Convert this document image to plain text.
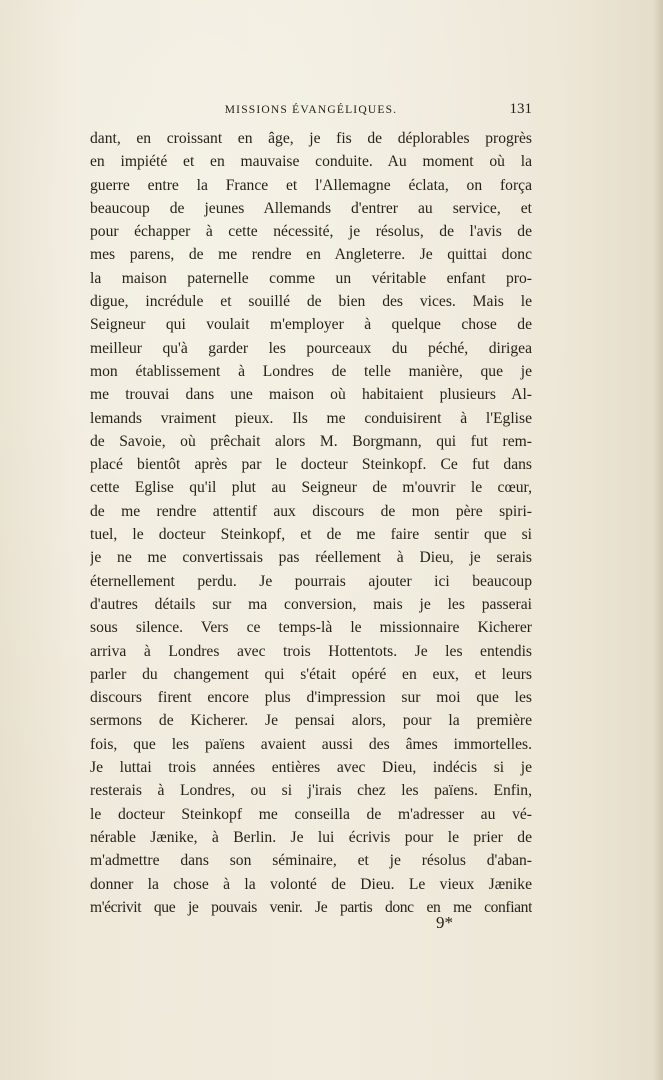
MISSIONS ÉVANGÉLIQUES.	131
dant, en croissant en âge, je fis de déplorables progrès
en impiété et en mauvaise conduite. Au moment où la
guerre entre la France et l'Allemagne éclata, on força
beaucoup de jeunes Allemands d'entrer au service, et
pour échapper à cette nécessité, je résolus, de l'avis de
mes parens, de me rendre en Angleterre. Je quittai donc
la maison paternelle comme un véritable enfant pro-
digue, incrédule et souillé de bien des vices. Mais le
Seigneur qui voulait m'employer à quelque chose de
meilleur qu'à garder les pourceaux du péché, dirigea
mon établissement à Londres de telle manière, que je
me trouvai dans une maison où habitaient plusieurs Al-
lemands vraiment pieux. Ils me conduisirent à l'Eglise
de Savoie, où prêchait alors M. Borgmann, qui fut rem-
placé bientôt après par le docteur Steinkopf. Ce fut dans
cette Eglise qu'il plut au Seigneur de m'ouvrir le cœur,
de me rendre attentif aux discours de mon père spiri-
tuel, le docteur Steinkopf, et de me faire sentir que si
je ne me convertissais pas réellement à Dieu, je serais
éternellement perdu. Je pourrais ajouter ici beaucoup
d'autres détails sur ma conversion, mais je les passerai
sous silence. Vers ce temps-là le missionnaire Kicherer
arriva à Londres avec trois Hottentots. Je les entendis
parler du changement qui s'était opéré en eux, et leurs
discours firent encore plus d'impression sur moi que les
sermons de Kicherer. Je pensai alors, pour la première
fois, que les païens avaient aussi des âmes immortelles.
Je luttai trois années entières avec Dieu, indécis si je
resterais à Londres, ou si j'irais chez les païens. Enfin,
le docteur Steinkopf me conseilla de m'adresser au vé-
nérable Jænike, à Berlin. Je lui écrivis pour le prier de
m'admettre dans son séminaire, et je résolus d'aban-
donner la chose à la volonté de Dieu. Le vieux Jænike
m'écrivit que je pouvais venir. Je partis donc en me confiant
9*
